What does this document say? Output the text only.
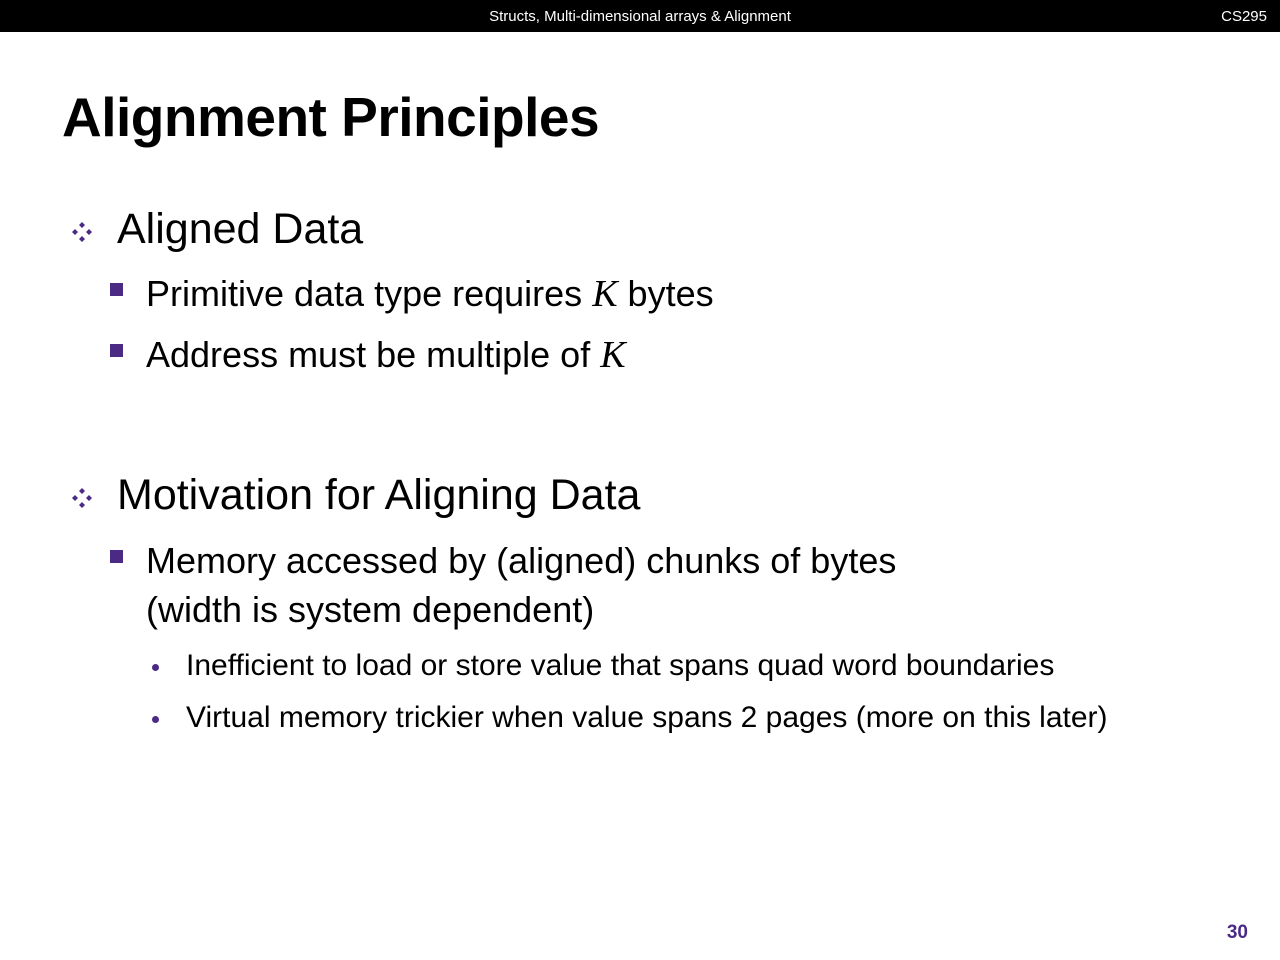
Structs, Multi-dimensional arrays & Alignment	CS295
Alignment Principles
Aligned Data
Primitive data type requires K bytes
Address must be multiple of K
Motivation for Aligning Data
Memory accessed by (aligned) chunks of bytes
(width is system dependent)
Inefficient to load or store value that spans quad word boundaries
Virtual memory trickier when value spans 2 pages (more on this later)
30
